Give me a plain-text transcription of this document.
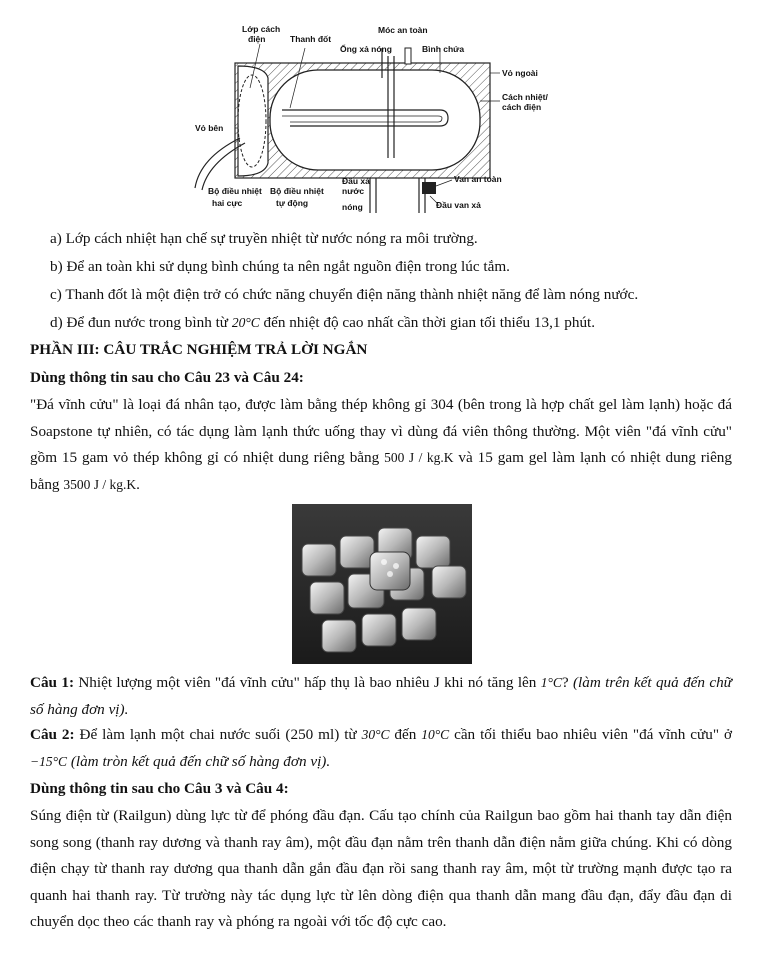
Lớp cách
điện	Thanh đốt
Móc an toàn
Ống xả nóng	Bình chứa
Vỏ ngoài
Cách nhiệt/
cách điện
Vỏ bên
Đầu xả
nước
nóng
Van an toàn
Bộ điều nhiệt
hai cực
Bộ điều nhiệt
tự động	Đầu van xả
a) Lớp cách nhiệt hạn chế sự truyền nhiệt từ nước nóng ra môi trường.
b) Để an toàn khi sử dụng bình chúng ta nên ngắt nguồn điện trong lúc tắm.
c) Thanh đốt là một điện trở có chức năng chuyển điện năng thành nhiệt năng để làm nóng nước.
d) Để đun nước trong bình từ 20°C đến nhiệt độ cao nhất cần thời gian tối thiểu 13,1 phút.
PHẦN III: CÂU TRẮC NGHIỆM TRẢ LỜI NGẮN
Dùng thông tin sau cho Câu 23 và Câu 24:
"Đá vĩnh cửu" là loại đá nhân tạo, được làm bằng thép không gỉ 304 (bên trong là hợp chất gel làm lạnh) hoặc đá Soapstone tự nhiên, có tác dụng làm lạnh thức uống thay vì dùng đá viên thông thường. Một viên "đá vĩnh cửu" gồm 15 gam vỏ thép không gỉ có nhiệt dung riêng bằng 500 J / kg.K và 15 gam gel làm lạnh có nhiệt dung riêng bằng 3500 J / kg.K.
Câu 1: Nhiệt lượng một viên "đá vĩnh cửu" hấp thụ là bao nhiêu J khi nó tăng lên 1°C? (làm trên kết quả đến chữ số hàng đơn vị).
Câu 2: Để làm lạnh một chai nước suối (250 ml) từ 30°C đến 10°C cần tối thiểu bao nhiêu viên "đá vĩnh cửu" ở −15°C (làm tròn kết quả đến chữ số hàng đơn vị).
Dùng thông tin sau cho Câu 3 và Câu 4:
Súng điện từ (Railgun) dùng lực từ để phóng đầu đạn. Cấu tạo chính của Railgun bao gồm hai thanh tay dẫn điện song song (thanh ray dương và thanh ray âm), một đầu đạn nằm trên thanh dẫn điện nằm giữa chúng. Khi có dòng điện chạy từ thanh ray dương qua thanh dẫn gắn đầu đạn rồi sang thanh ray âm, một từ trường mạnh được tạo ra quanh hai thanh ray. Từ trường này tác dụng lực từ lên dòng điện qua thanh dẫn mang đầu đạn, đẩy đầu đạn di chuyển dọc theo các thanh ray và phóng ra ngoài với tốc độ cực cao.
